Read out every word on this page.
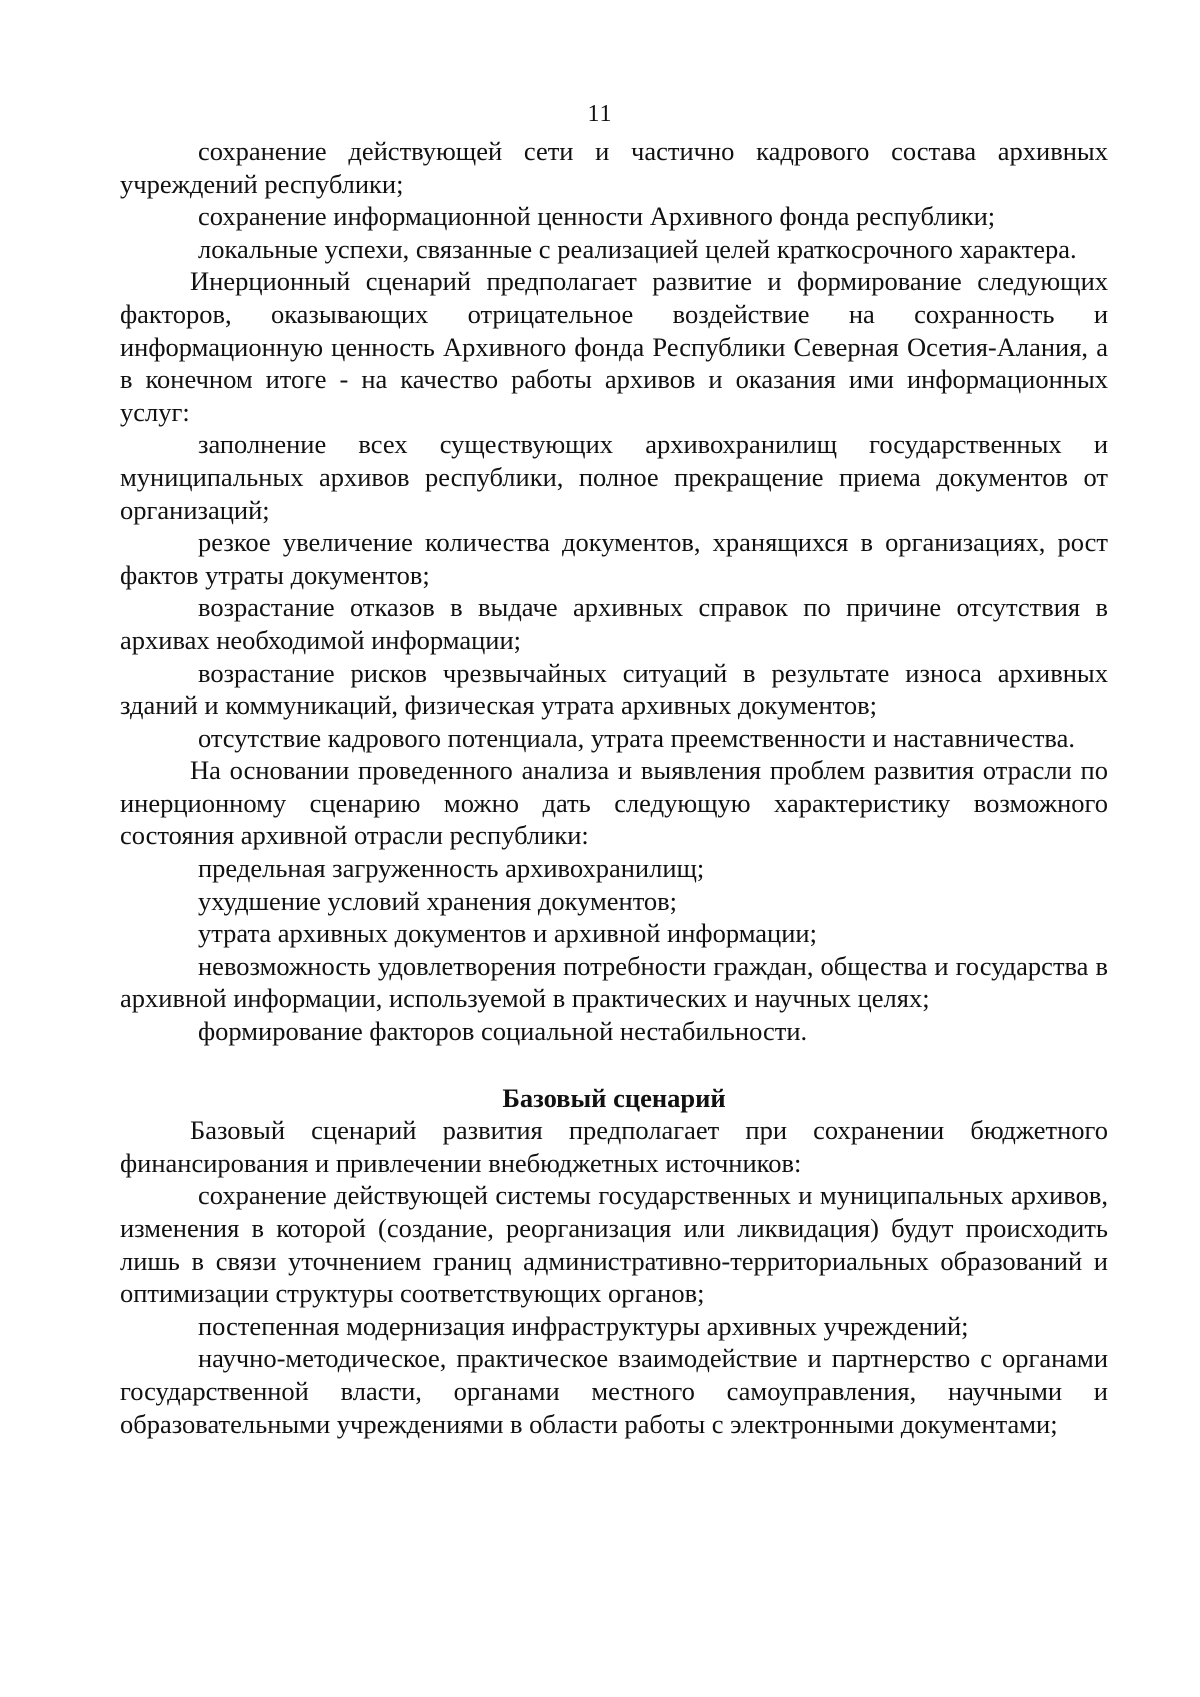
11

сохранение действующей сети и частично кадрового состава архивных учреждений республики;

сохранение информационной ценности Архивного фонда республики;

локальные успехи, связанные с реализацией целей краткосрочного характера.

Инерционный сценарий предполагает развитие и формирование следующих факторов, оказывающих отрицательное воздействие на сохранность и информационную ценность Архивного фонда Республики Северная Осетия-Алания, а в конечном итоге - на качество работы архивов и оказания ими информационных услуг:

заполнение всех существующих архивохранилищ государственных и муниципальных архивов республики, полное прекращение приема документов от организаций;

резкое увеличение количества документов, хранящихся в организациях, рост фактов утраты документов;

возрастание отказов в выдаче архивных справок по причине отсутствия в архивах необходимой информации;

возрастание рисков чрезвычайных ситуаций в результате износа архивных зданий и коммуникаций, физическая утрата архивных документов;

отсутствие кадрового потенциала, утрата преемственности и наставничества.

На основании проведенного анализа и выявления проблем развития отрасли по инерционному сценарию можно дать следующую характеристику возможного состояния архивной отрасли республики:

предельная загруженность архивохранилищ;

ухудшение условий хранения документов;

утрата архивных документов и архивной информации;

невозможность удовлетворения потребности граждан, общества и государства в архивной информации, используемой в практических и научных целях;

формирование факторов социальной нестабильности.

Базовый сценарий

Базовый сценарий развития предполагает при сохранении бюджетного финансирования и привлечении внебюджетных источников:

сохранение действующей системы государственных и муниципальных архивов, изменения в которой (создание, реорганизация или ликвидация) будут происходить лишь в связи уточнением границ административно-территориальных образований и оптимизации структуры соответствующих органов;

постепенная модернизация инфраструктуры архивных учреждений;

научно-методическое, практическое взаимодействие и партнерство с органами государственной власти, органами местного самоуправления, научными и образовательными учреждениями в области работы с электронными документами;
